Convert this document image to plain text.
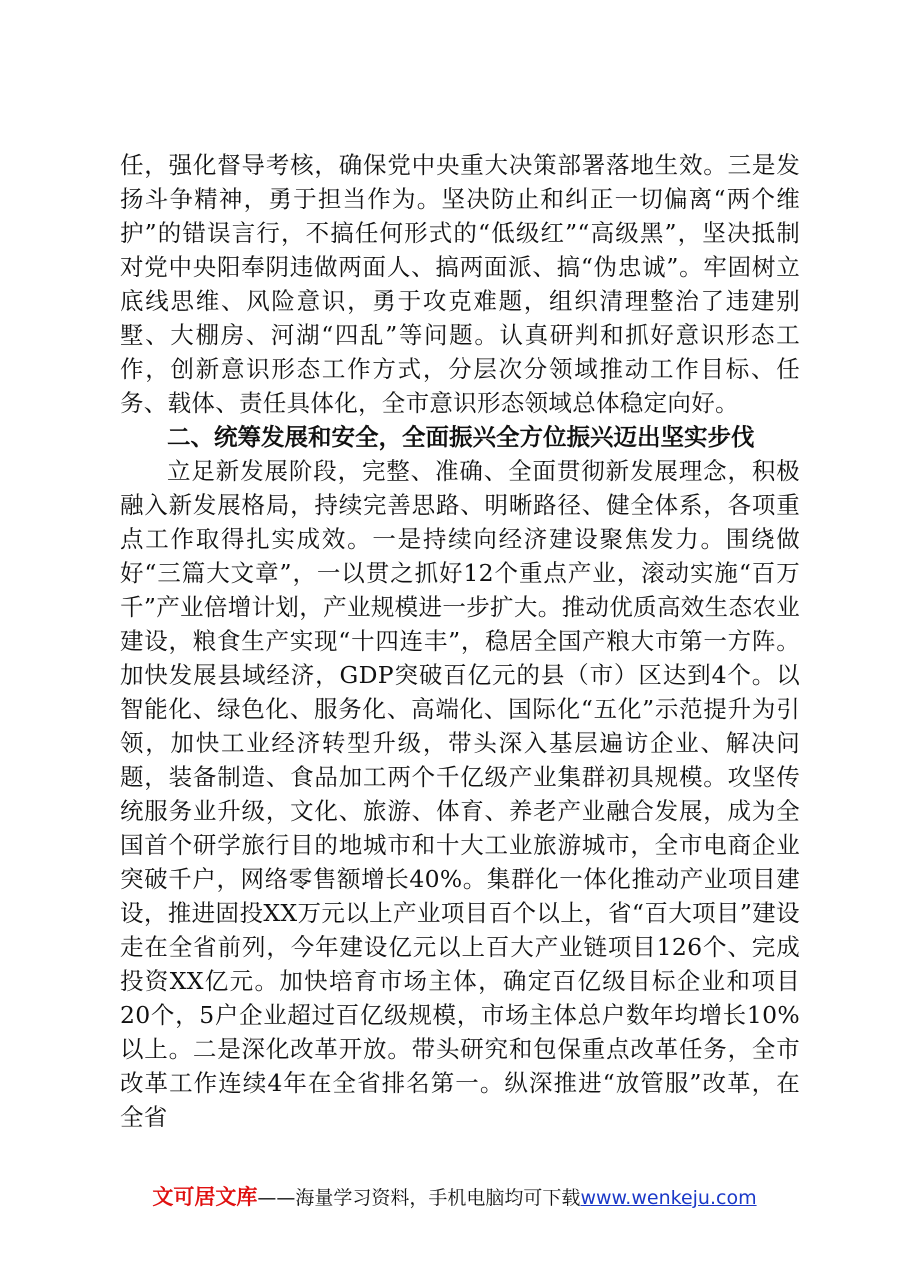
任，强化督导考核，确保党中央重大决策部署落地生效。三是发扬斗争精神，勇于担当作为。坚决防止和纠正一切偏离“两个维护”的错误言行，不搞任何形式的“低级红”“高级黑”，坚决抵制对党中央阳奉阴违做两面人、搞两面派、搞“伪忠诚”。牢固树立底线思维、风险意识，勇于攻克难题，组织清理整治了违建别墅、大棚房、河湖“四乱”等问题。认真研判和抓好意识形态工作，创新意识形态工作方式，分层次分领域推动工作目标、任务、载体、责任具体化，全市意识形态领域总体稳定向好。

二、统筹发展和安全，全面振兴全方位振兴迈出坚实步伐

立足新发展阶段，完整、准确、全面贯彻新发展理念，积极融入新发展格局，持续完善思路、明晰路径、健全体系，各项重点工作取得扎实成效。一是持续向经济建设聚焦发力。围绕做好“三篇大文章”，一以贯之抓好12个重点产业，滚动实施“百万千”产业倍增计划，产业规模进一步扩大。推动优质高效生态农业建设，粮食生产实现“十四连丰”，稳居全国产粮大市第一方阵。加快发展县域经济，GDP突破百亿元的县（市）区达到4个。以智能化、绿色化、服务化、高端化、国际化“五化”示范提升为引领，加快工业经济转型升级，带头深入基层遍访企业、解决问题，装备制造、食品加工两个千亿级产业集群初具规模。攻坚传统服务业升级，文化、旅游、体育、养老产业融合发展，成为全国首个研学旅行目的地城市和十大工业旅游城市，全市电商企业突破千户，网络零售额增长40%。集群化一体化推动产业项目建设，推进固投XX万元以上产业项目百个以上，省“百大项目”建设走在全省前列，今年建设亿元以上百大产业链项目126个、完成投资XX亿元。加快培育市场主体，确定百亿级目标企业和项目20个，5户企业超过百亿级规模，市场主体总户数年均增长10%以上。二是深化改革开放。带头研究和包保重点改革任务，全市改革工作连续4年在全省排名第一。纵深推进“放管服”改革，在全省

文可居文库——海量学习资料，手机电脑均可下载www.wenkeju.com
